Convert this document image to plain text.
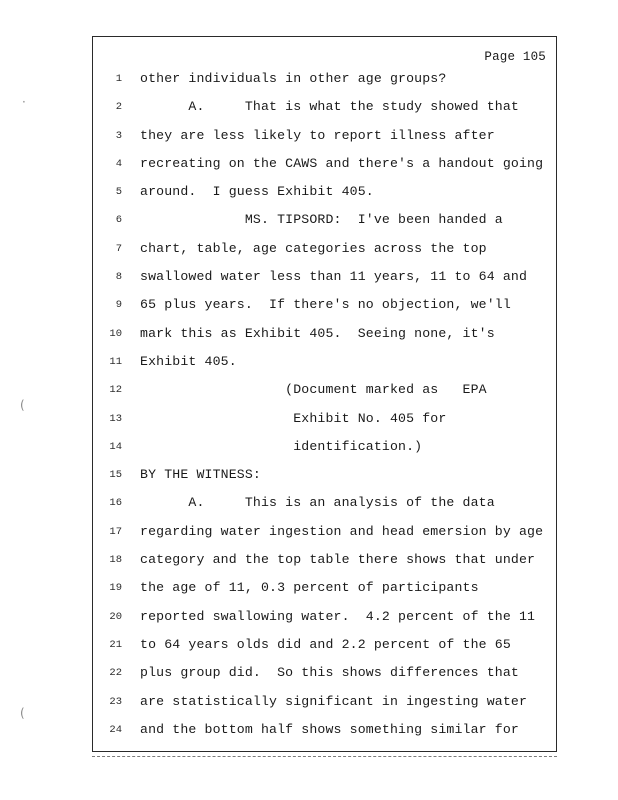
Page 105
1 other individuals in other age groups?
2 A.     That is what the study showed that
3 they are less likely to report illness after
4 recreating on the CAWS and there's a handout going
5 around.  I guess Exhibit 405.
6 MS. TIPSORD:  I've been handed a
7 chart, table, age categories across the top
8 swallowed water less than 11 years, 11 to 64 and
9 65 plus years.  If there's no objection, we'll
10 mark this as Exhibit 405.  Seeing none, it's
11 Exhibit 405.
12 (Document marked as   EPA
13 Exhibit No. 405 for
14 identification.)
15 BY THE WITNESS:
16 A.     This is an analysis of the data
17 regarding water ingestion and head emersion by age
18 category and the top table there shows that under
19 the age of 11, 0.3 percent of participants
20 reported swallowing water.  4.2 percent of the 11
21 to 64 years olds did and 2.2 percent of the 65
22 plus group did.  So this shows differences that
23 are statistically significant in ingesting water
24 and the bottom half shows something similar for
·
(
(
